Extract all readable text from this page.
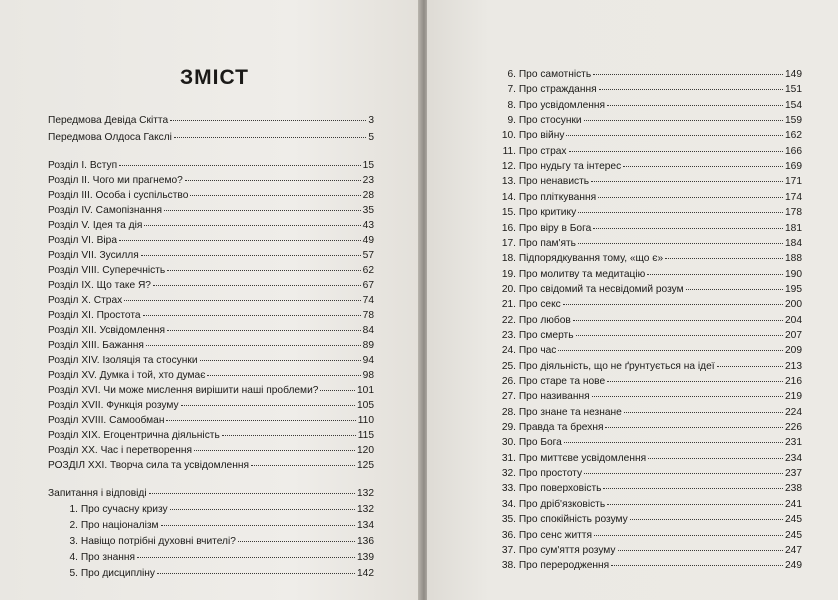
ЗМІСТ
Передмова Девіда Скітта	3
Передмова Олдоса Гакслі	5
Розділ I. Вступ	15
Розділ II. Чого ми прагнемо?	23
Розділ III. Особа і суспільство	28
Розділ IV. Самопізнання	35
Розділ V. Ідея та дія	43
Розділ VI. Віра	49
Розділ VII. Зусилля	57
Розділ VIII. Суперечність	62
Розділ IX. Що таке Я?	67
Розділ X. Страх	74
Розділ XI. Простота	78
Розділ XII. Усвідомлення	84
Розділ XIII. Бажання	89
Розділ XIV. Ізоляція та стосунки	94
Розділ XV. Думка і той, хто думає	98
Розділ XVI. Чи може мислення вирішити наші проблеми?	101
Розділ XVII. Функція розуму	105
Розділ XVIII. Самообман	110
Розділ XIX. Егоцентрична діяльність	115
Розділ XX. Час і перетворення	120
РОЗДІЛ XXI. Творча сила та усвідомлення	125
Запитання і відповіді	132
1. Про сучасну кризу	132
2. Про націоналізм	134
3. Навіщо потрібні духовні вчителі?	136
4. Про знання	139
5. Про дисципліну	142
6. Про самотність	149
7. Про страждання	151
8. Про усвідомлення	154
9. Про стосунки	159
10. Про війну	162
11. Про страх	166
12. Про нудьгу та інтерес	169
13. Про ненависть	171
14. Про пліткування	174
15. Про критику	178
16. Про віру в Бога	181
17. Про пам'ять	184
18. Підпорядкування тому, «що є»	188
19. Про молитву та медитацію	190
20. Про свідомий та несвідомий розум	195
21. Про секс	200
22. Про любов	204
23. Про смерть	207
24. Про час	209
25. Про діяльність, що не ґрунтується на ідеї	213
26. Про старе та нове	216
27. Про називання	219
28. Про знане та незнане	224
29. Правда та брехня	226
30. Про Бога	231
31. Про миттєве усвідомлення	234
32. Про простоту	237
33. Про поверховість	238
34. Про дріб'язковість	241
35. Про спокійність розуму	245
36. Про сенс життя	245
37. Про сум'яття розуму	247
38. Про переродження	249
